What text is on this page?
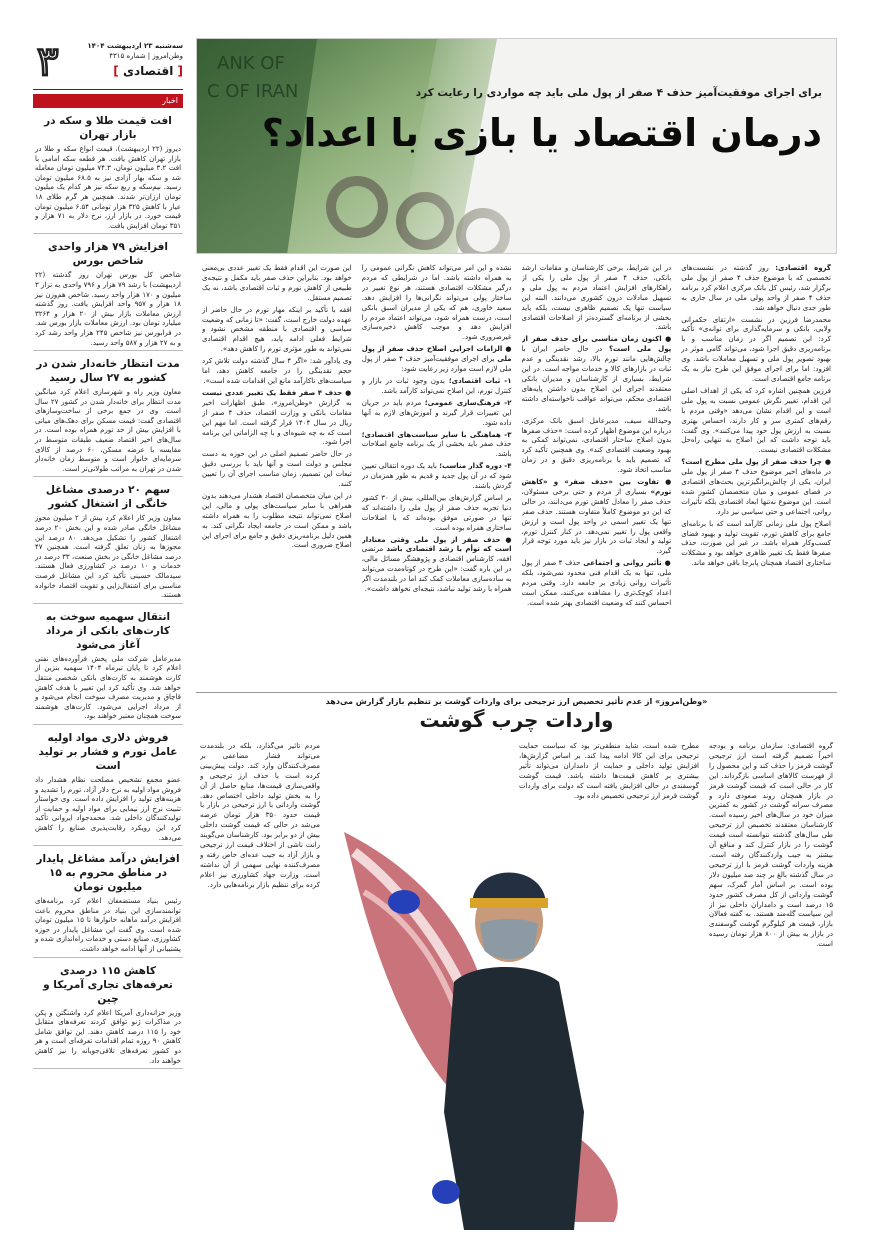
۳	سه‌شنبه ۲۳ اردیبهشت ۱۴۰۴
وطن‌امروز | شماره ۴۳۱۵
[ اقتصادی ]
اخبار
افت قیمت طلا و سکه در بازار تهران

دیروز (۲۲ اردیبهشت)، قیمت انواع سکه و طلا در بازار تهران کاهش یافت. هر قطعه سکه امامی با افت ۳.۲ میلیون تومان، ۷۴.۳ میلیون تومان معامله شد و سکه بهار آزادی نیز به ۶۸.۵ میلیون تومان رسید. نیم‌سکه و ربع سکه نیز هر کدام یک میلیون تومان ارزان‌تر شدند. همچنین هر گرم طلای ۱۸ عیار با کاهش ۳۲۵ هزار تومانی ۶.۵۴ میلیون تومان قیمت خورد. در بازار ارز، نرخ دلار به ۷۱ هزار و ۳۵۱ تومان افزایش یافت.

افزایش ۷۹ هزار واحدی شاخص بورس

شاخص کل بورس تهران روز گذشته (۲۲ اردیبهشت) با رشد ۷۹ هزار و ۷۹۶ واحدی به تراز ۳ میلیون و ۱۷۰ هزار واحد رسید. شاخص هم‌وزن نیز ۱۸ هزار و ۹۵۷ واحد افزایش یافت. روز گذشته ارزش معاملات بازار بیش از ۲۰ هزار و ۳۲۶۴ میلیارد تومان بود. ارزش معاملات بازار بورس شد. در فرابورس نیز شاخص ۲۴۵ هزار واحد رشد کرد و به ۲۷ هزار و ۵۸۷ واحد رسید.

مدت انتظار خانه‌دار شدن در کشور به ۲۷ سال رسید

معاون وزیر راه و شهرسازی اعلام کرد میانگین مدت انتظار برای خانه‌دار شدن در کشور ۲۷ سال است. وی در جمع برخی از ساخت‌وسازهای اقتصادی گفت: قیمت مسکن برای دهک‌های میانی با افزایش بیش از حد تورم همراه بوده است. در سال‌های اخیر اقتصاد ضعیف طبقات متوسط در مقایسه با عرضه مسکن، ۶۰ درصد از کالای سرمایه‌ای خانوار است و متوسط زمان خانه‌دار شدن در تهران به مراتب طولانی‌تر است.

سهم ۲۰ درصدی مشاغل خانگی از اشتغال کشور

معاون وزیر کار اعلام کرد بیش از ۲ میلیون مجوز مشاغل خانگی صادر شده و این بخش ۲۰ درصد اشتغال کشور را تشکیل می‌دهد. ۸۰ درصد این مجوزها به زنان تعلق گرفته است. همچنین ۴۷ درصد مشاغل خانگی در بخش صنعت، ۳۳ درصد در خدمات و ۱۰ درصد در کشاورزی فعال هستند. سیدمالک حسینی تأکید کرد این مشاغل فرصت مناسبی برای اشتغال‌زایی و تقویت اقتصاد خانواده هستند.

انتقال سهمیه سوخت به کارت‌های بانکی از مرداد آغاز می‌شود

مدیرعامل شرکت ملی پخش فرآورده‌های نفتی اعلام کرد تا پایان تیرماه ۱۴۰۴ سهمیه بنزین از کارت هوشمند به کارت‌های بانکی شخصی منتقل خواهد شد. وی تأکید کرد این تغییر با هدف کاهش قاچاق و مدیریت مصرف سوخت انجام می‌شود و از مرداد اجرایی می‌شود. کارت‌های هوشمند سوخت همچنان معتبر خواهند بود.

فروش دلاری مواد اولیه عامل تورم و فشار بر تولید است

عضو مجمع تشخیص مصلحت نظام هشدار داد فروش مواد اولیه به نرخ دلار آزاد، تورم را تشدید و هزینه‌های تولید را افزایش داده است. وی خواستار تثبیت نرخ ارز نیمایی برای مواد اولیه و حمایت از تولیدکنندگان داخلی شد. محمدجواد ایروانی تأکید کرد این رویکرد رقابت‌پذیری صنایع را کاهش می‌دهد.

افزایش درآمد مشاغل پایدار در مناطق محروم به ۱۵ میلیون تومان

رئیس بنیاد مستضعفان اعلام کرد برنامه‌های توانمندسازی این بنیاد در مناطق محروم باعث افزایش درآمد ماهانه خانوارها تا ۱۵ میلیون تومان شده است. وی گفت این مشاغل پایدار در حوزه کشاورزی، صنایع دستی و خدمات راه‌اندازی شده و پشتیبانی از آنها ادامه خواهد داشت.

کاهش ۱۱۵ درصدی تعرفه‌های تجاری آمریکا و چین

وزیر خزانه‌داری آمریکا اعلام کرد واشنگتن و پکن در مذاکرات ژنو توافق کردند تعرفه‌های متقابل خود را ۱۱۵ درصد کاهش دهند. این توافق شامل کاهش ۹۰ روزه تمام اقدامات تعرفه‌ای است و هر دو کشور تعرفه‌های تلافی‌جویانه را نیز کاهش خواهند داد.

ANK OF
C OF IRAN	برای اجرای موفقیت‌آمیز حذف ۴ صفر از پول ملی باید چه مواردی را رعایت کرد
درمان اقتصاد یا بازی با اعداد؟

گروه اقتصادی: روز گذشته در نشست‌های تخصصی که با موضوع حذف ۴ صفر از پول ملی برگزار شد، رئیس کل بانک مرکزی اعلام کرد برنامه حذف ۴ صفر از واحد پولی ملی در سال جاری به طور جدی دنبال خواهد شد.

محمدرضا فرزین در نشست «ارتقای حکمرانی ولایی، بانکی و سرمایه‌گذاری برای توانه‌ی» تأکید کرد: این تصمیم اگر در زمان مناسب و با برنامه‌ریزی دقیق اجرا شود، می‌تواند گامی موثر در بهبود تصویر پول ملی و تسهیل معاملات باشد. وی افزود: اما برای اجرای موفق این طرح نیاز به یک برنامه جامع اقتصادی است.

فرزین همچنین اشاره کرد که یکی از اهداف اصلی این اقدام، تغییر نگرش عمومی نسبت به پول ملی است و این اقدام نشان می‌دهد «وقتی مردم با رقم‌های کمتری سر و کار دارند، احساس بهتری نسبت به ارزش پول خود پیدا می‌کنند». وی گفت: باید توجه داشت که این اصلاح به تنهایی راه‌حل مشکلات اقتصادی نیست.

● چرا حذف صفر از پول ملی مطرح است؟ در ماه‌های اخیر موضوع حذف ۴ صفر از پول ملی ایران، یکی از چالش‌برانگیزترین بحث‌های اقتصادی در فضای عمومی و میان متخصصان کشور شده است. این موضوع نه‌تنها ابعاد اقتصادی بلکه تأثیرات روانی، اجتماعی و حتی سیاسی نیز دارد.

اصلاح پول ملی زمانی کارآمد است که با برنامه‌ای جامع برای کاهش تورم، تقویت تولید و بهبود فضای کسب‌وکار همراه باشد. در غیر این صورت، حذف صفرها فقط یک تغییر ظاهری خواهد بود و مشکلات ساختاری اقتصاد همچنان پابرجا باقی خواهد ماند.

در این شرایط، برخی کارشناسان و مقامات ارشد بانکی، حذف ۴ صفر از پول ملی را یکی از راهکارهای افزایش اعتماد مردم به پول ملی و تسهیل مبادلات درون کشوری می‌دانند. البته این سیاست تنها یک تصمیم ظاهری نیست، بلکه باید بخشی از برنامه‌ای گسترده‌تر از اصلاحات اقتصادی باشد.

● اکنون زمان مناسبی برای حذف صفر از پول ملی است؟ در حال حاضر ایران با چالش‌هایی مانند تورم بالا، رشد نقدینگی و عدم ثبات در بازارهای کالا و خدمات مواجه است. در این شرایط، بسیاری از کارشناسان و مدیران بانکی معتقدند اجرای این اصلاح بدون داشتن پایه‌های اقتصادی محکم، می‌تواند عواقب ناخواسته‌ای داشته باشد.

وحیدالله سیف، مدیرعامل اسبق بانک مرکزی، درباره این موضوع اظهار کرده است: «حذف صفرها بدون اصلاح ساختار اقتصادی، نمی‌تواند کمکی به بهبود وضعیت اقتصادی کند». وی همچنین تأکید کرد که تصمیم باید با برنامه‌ریزی دقیق و در زمان مناسب اتخاذ شود.

● تفاوت بین «حذف صفر» و «کاهش تورم» بسیاری از مردم و حتی برخی مسئولان، حذف صفر را معادل کاهش تورم می‌دانند، در حالی که این دو موضوع کاملاً متفاوت هستند. حذف صفر تنها یک تغییر اسمی در واحد پول است و ارزش واقعی پول را تغییر نمی‌دهد. در کنار کنترل تورم، تولید و ایجاد ثبات در بازار نیز باید مورد توجه قرار گیرد.

● تأثیر روانی و اجتماعی حذف ۴ صفر از پول ملی، تنها به یک اقدام فنی محدود نمی‌شود، بلکه تأثیرات روانی زیادی بر جامعه دارد. وقتی مردم اعداد کوچک‌تری را مشاهده می‌کنند، ممکن است احساس کنند که وضعیت اقتصادی بهتر شده است.

نشده و این امر می‌تواند کاهش نگرانی عمومی را به همراه داشته باشد. اما در شرایطی که مردم درگیر مشکلات اقتصادی هستند، هر نوع تغییر در ساختار پولی می‌تواند نگرانی‌ها را افزایش دهد. سعید خاوری، هم که یکی از مدیران اسبق بانکی است، درست همراه شود، می‌تواند اعتماد مردم را افزایش دهد و موجب کاهش ذخیره‌سازی غیرضروری شود.

● الزامات اجرایی اصلاح حذف صفر از پول ملی برای اجرای موفقیت‌آمیز حذف ۴ صفر از پول ملی لازم است موارد زیر رعایت شود:

۱- ثبات اقتصادی؛ بدون وجود ثبات در بازار و کنترل تورم، این اصلاح نمی‌تواند کارآمد باشد.

۲- فرهنگ‌سازی عمومی؛ مردم باید در جریان این تغییرات قرار گیرند و آموزش‌های لازم به آنها داده شود.

۳- هماهنگی با سایر سیاست‌های اقتصادی؛ حذف صفر باید بخشی از یک برنامه جامع اصلاحات باشد.

۴- دوره گذار مناسب؛ باید یک دوره انتقالی تعیین شود که در آن پول جدید و قدیم به طور همزمان در گردش باشند.

بر اساس گزارش‌های بین‌المللی، بیش از ۳۰ کشور دنیا تجربه حذف صفر از پول ملی را داشته‌اند که تنها در صورتی موفق بوده‌اند که با اصلاحات ساختاری همراه بوده است.

● حذف صفر از پول ملی وقتی معنادار است که توأم با رشد اقتصادی باشد مرتضی افقه، کارشناس اقتصادی و پژوهشگر مسائل مالی، در این باره گفت: «این طرح در کوتاه‌مدت می‌تواند به ساده‌سازی معاملات کمک کند اما در بلندمدت اگر همراه با رشد تولید نباشد، نتیجه‌ای نخواهد داشت».

این صورت این اقدام فقط یک تغییر عددی بی‌معنی خواهد بود. بنابراین حذف صفر باید مکمل و نتیجه‌ی طبیعی از کاهش تورم و ثبات اقتصادی باشد، نه یک تصمیم مستقل.

افقه با تأکید بر اینکه مهار تورم در حال حاضر از عهده دولت خارج است، گفت: «تا زمانی که وضعیت سیاسی و اقتصادی با منطقه مشخص نشود و شرایط فعلی ادامه یابد، هیچ اقدام اقتصادی نمی‌تواند به طور مؤثری تورم را کاهش دهد».

وی یادآور شد: «اگر ۴ سال گذشته دولت تلاش کرد حجم نقدینگی را در جامعه کاهش دهد، اما سیاست‌های ناکارآمد مانع این اقدامات شده است».

● حذف ۴ صفر فقط یک تغییر عددی نیست به گزارش «وطن‌امروز»، طبق اظهارات اخیر مقامات بانکی و وزارت اقتصاد، حذف ۴ صفر از ریال در سال ۱۴۰۴ قرار گرفته است. اما مهم این است که به چه شیوه‌ای و با چه الزاماتی این برنامه اجرا شود.

در حال حاضر تصمیم اصلی در این حوزه به دست مجلس و دولت است و آنها باید با بررسی دقیق تبعات این تصمیم، زمان مناسب اجرای آن را تعیین کنند.

در این میان متخصصان اقتصاد هشدار می‌دهند بدون همراهی با سایر سیاست‌های پولی و مالی، این اصلاح نمی‌تواند نتیجه مطلوب را به همراه داشته باشد و ممکن است در جامعه ایجاد نگرانی کند. به همین دلیل برنامه‌ریزی دقیق و جامع برای اجرای این اصلاح ضروری است.

«وطن‌امروز» از عدم تأثیر تخصیص ارز ترجیحی برای واردات گوشت بر تنظیم بازار گزارش می‌دهد
واردات چرب گوشت
گروه اقتصادی: سازمان برنامه و بودجه اخیراً تصمیم گرفته است ارز ترجیحی گوشت قرمز را حذف کند و این محصول را از فهرست کالاهای اساسی بازگرداند. این کار در حالی است که قیمت گوشت قرمز در بازار همچنان روند صعودی دارد و مصرف سرانه گوشت در کشور به کمترین میزان خود در سال‌های اخیر رسیده است. کارشناسان معتقدند تخصیص ارز ترجیحی طی سال‌های گذشته نتوانسته است قیمت گوشت را در بازار کنترل کند و منافع آن بیشتر به جیب واردکنندگان رفته است. هزینه واردات گوشت قرمز با ارز ترجیحی در سال گذشته بالغ بر چند صد میلیون دلار بوده است. بر اساس آمار گمرک، سهم گوشت وارداتی از کل مصرف کشور حدود ۱۵ درصد است و دامداران داخلی نیز از این سیاست گله‌مند هستند. به گفته فعالان بازار، قیمت هر کیلوگرم گوشت گوسفندی در بازار به بیش از ۸۰۰ هزار تومان رسیده است.
مطرح شده است، شاید منطقی‌تر بود که سیاست حمایت ترجیحی برای این کالا ادامه پیدا کند. بر اساس گزارش‌ها، افزایش تولید داخلی و حمایت از دامداران می‌تواند تأثیر بیشتری بر کاهش قیمت‌ها داشته باشد. قیمت گوشت گوسفندی در حالی افزایش یافته است که دولت برای واردات گوشت قرمز ارز ترجیحی تخصیص داده بود.
مردم تأثیر می‌گذارد، بلکه در بلندمدت می‌تواند فشار مضاعفی بر مصرف‌کنندگان وارد کند. دولت پیش‌بینی کرده است با حذف ارز ترجیحی و واقعی‌سازی قیمت‌ها، منابع حاصل از آن را به بخش تولید داخلی اختصاص دهد. گوشت وارداتی با ارز ترجیحی در بازار با قیمت حدود ۳۵۰ هزار تومان عرضه می‌شد در حالی که قیمت گوشت داخلی بیش از دو برابر بود. کارشناسان می‌گویند رانت ناشی از اختلاف قیمت ارز ترجیحی و بازار آزاد به جیب عده‌ای خاص رفته و مصرف‌کننده نهایی سهمی از آن نداشته است. وزارت جهاد کشاورزی نیز اعلام کرده برای تنظیم بازار برنامه‌هایی دارد.
